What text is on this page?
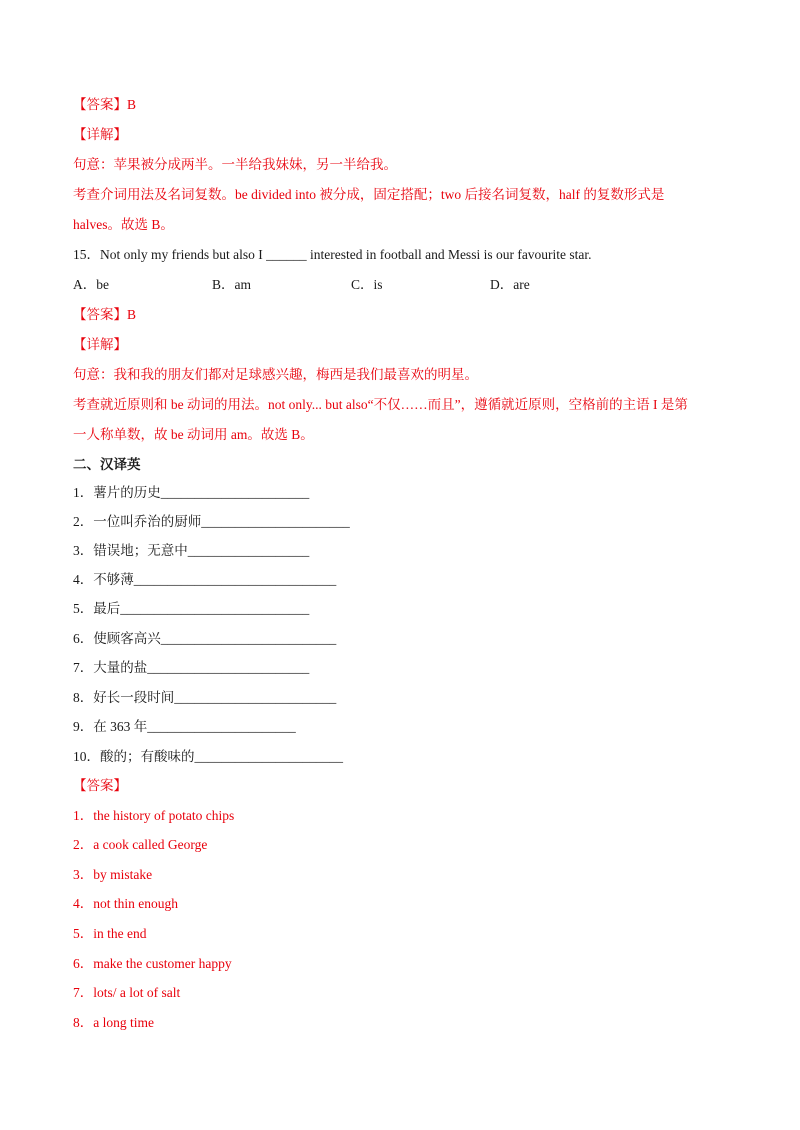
【答案】B
【详解】
句意：苹果被分成两半。一半给我妹妹，另一半给我。
考查介词用法及名词复数。be divided into 被分成，固定搭配；two 后接名词复数，half 的复数形式是
halves。故选 B。
15．Not only my friends but also I ______ interested in football and Messi is our favourite star.
A．be	B．am	C．is	D．are
【答案】B
【详解】
句意：我和我的朋友们都对足球感兴趣，梅西是我们最喜欢的明星。
考查就近原则和 be 动词的用法。not only... but also“不仅……而且”，遵循就近原则，空格前的主语 I 是第
一人称单数，故 be 动词用 am。故选 B。
二、汉译英
1．薯片的历史______________________
2．一位叫乔治的厨师______________________
3．错误地；无意中__________________
4．不够薄______________________________
5．最后____________________________
6．使顾客高兴__________________________
7．大量的盐________________________
8．好长一段时间________________________
9．在 363 年______________________
10．酸的；有酸味的______________________
【答案】
1．the history of potato chips
2．a cook called George
3．by mistake
4．not thin enough
5．in the end
6．make the customer happy
7．lots/ a lot of salt
8．a long time
